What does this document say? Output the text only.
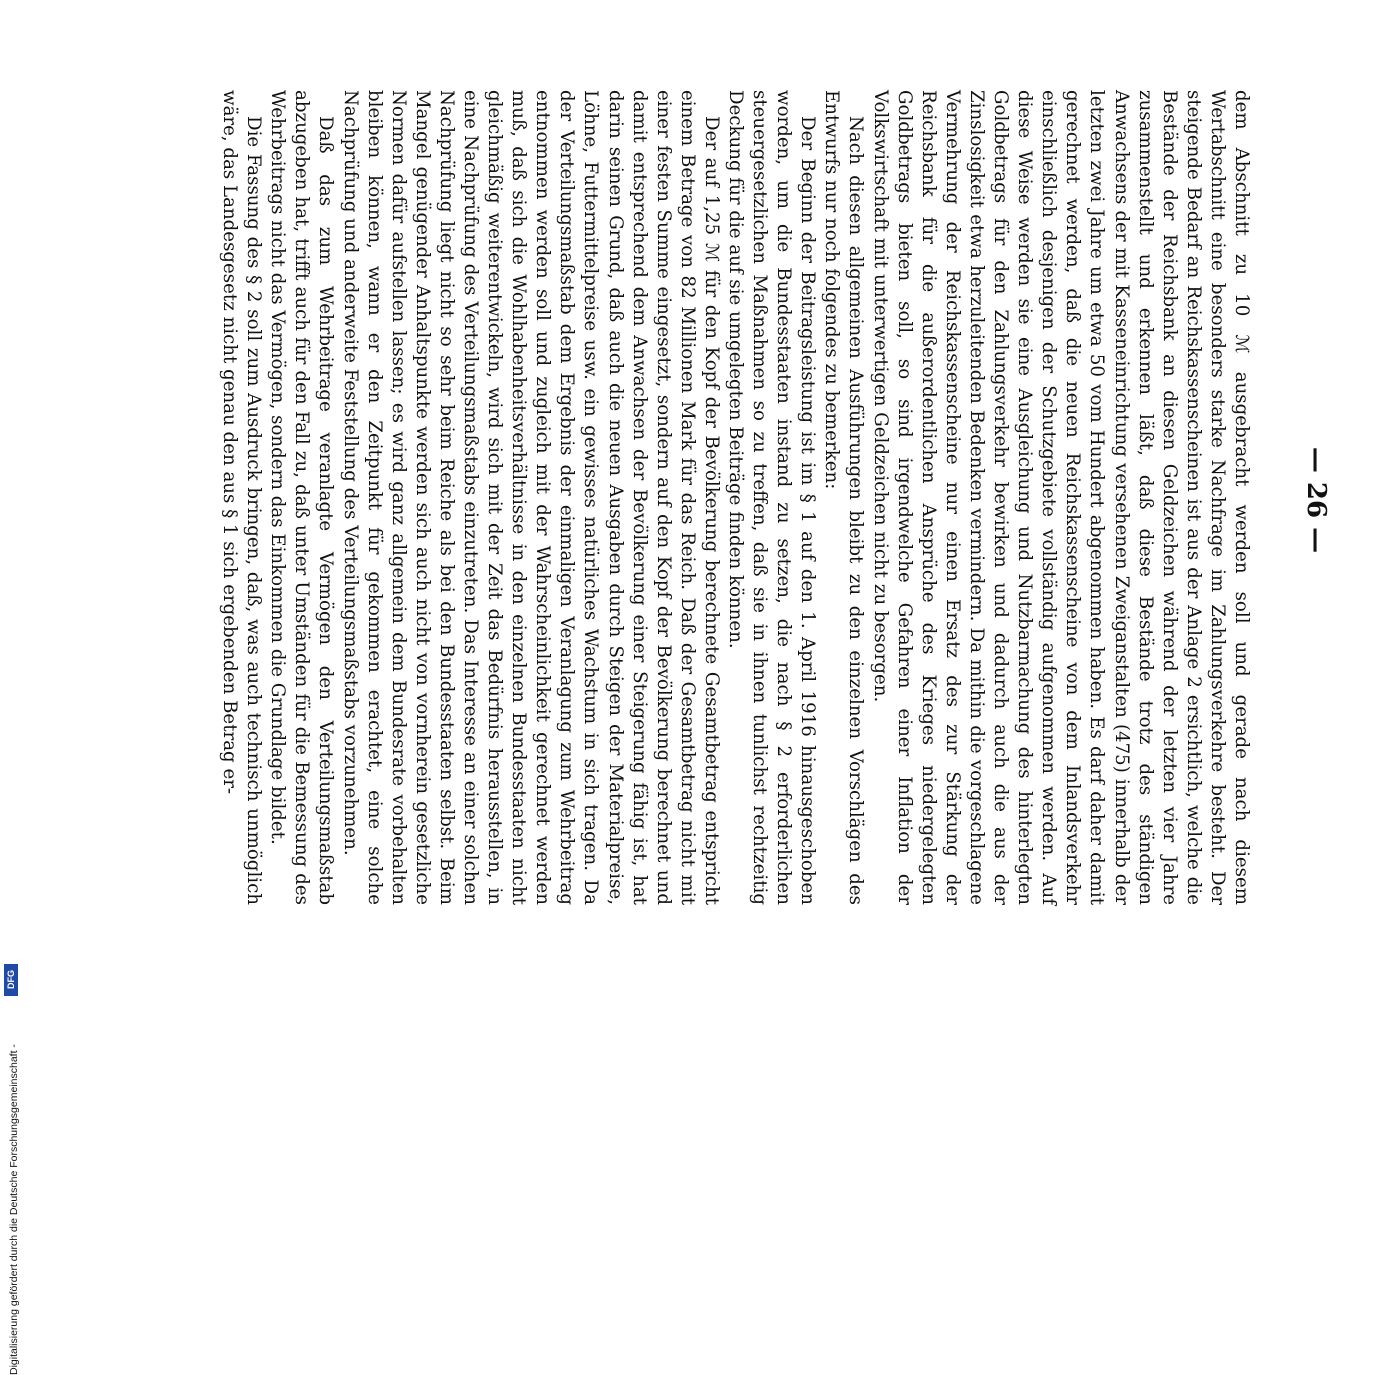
— 26 —

dem Abschnitt zu 10 ℳ ausgebracht werden soll und gerade nach diesem Wertabschnitt eine besonders starke Nachfrage im Zahlungsverkehre besteht. Der steigende Bedarf an Reichskassenscheinen ist aus der Anlage 2 ersichtlich, welche die Bestände der Reichsbank an diesen Geldzeichen während der letzten vier Jahre zusammenstellt und erkennen läßt, daß diese Bestände trotz des ständigen Anwachsens der mit Kasseneinrichtung versehenen Zweiganstalten (475) innerhalb der letzten zwei Jahre um etwa 50 vom Hundert abgenommen haben. Es darf daher damit gerechnet werden, daß die neuen Reichskassenscheine von dem Inlandsverkehr einschließlich desjenigen der Schutzgebiete vollständig aufgenommen werden. Auf diese Weise werden sie eine Ausgleichung und Nutzbarmachung des hinterlegten Goldbetrags für den Zahlungsverkehr bewirken und dadurch auch die aus der Zinslosigkeit etwa herzuleitenden Bedenken vermindern. Da mithin die vorgeschlagene Vermehrung der Reichskassenscheine nur einen Ersatz des zur Stärkung der Reichsbank für die außerordentlichen Ansprüche des Krieges niedergelegten Goldbetrags bieten soll, so sind irgendwelche Gefahren einer Inflation der Volkswirtschaft mit unterwertigen Geldzeichen nicht zu besorgen.

Nach diesen allgemeinen Ausführungen bleibt zu den einzelnen Vorschlägen des Entwurfs nur noch folgendes zu bemerken:

Der Beginn der Beitragsleistung ist im § 1 auf den 1. April 1916 hinausgeschoben worden, um die Bundesstaaten instand zu setzen, die nach § 2 erforderlichen steuergesetzlichen Maßnahmen so zu treffen, daß sie in ihnen tunlichst rechtzeitig Deckung für die auf sie umgelegten Beiträge finden können.

Der auf 1,25 ℳ für den Kopf der Bevölkerung berechnete Gesamtbetrag entspricht einem Betrage von 82 Millionen Mark für das Reich. Daß der Gesamtbetrag nicht mit einer festen Summe eingesetzt, sondern auf den Kopf der Bevölkerung berechnet und damit entsprechend dem Anwachsen der Bevölkerung einer Steigerung fähig ist, hat darin seinen Grund, daß auch die neuen Ausgaben durch Steigen der Materialpreise, Löhne, Futtermittelpreise usw. ein gewisses natürliches Wachstum in sich tragen. Da der Verteilungsmaßstab dem Ergebnis der einmaligen Veranlagung zum Wehrbeitrag entnommen werden soll und zugleich mit der Wahrscheinlichkeit gerechnet werden muß, daß sich die Wohlhabenheitsverhältnisse in den einzelnen Bundesstaaten nicht gleichmäßig weiterentwickeln, wird sich mit der Zeit das Bedürfnis herausstellen, in eine Nachprüfung des Verteilungsmaßstabs einzutreten. Das Interesse an einer solchen Nachprüfung liegt nicht so sehr beim Reiche als bei den Bundesstaaten selbst. Beim Mangel genügender Anhaltspunkte werden sich auch nicht von vornherein gesetzliche Normen dafür aufstellen lassen; es wird ganz allgemein dem Bundesrate vorbehalten bleiben können, wann er den Zeitpunkt für gekommen erachtet, eine solche Nachprüfung und anderweite Feststellung des Verteilungsmaßstabs vorzunehmen.

Daß das zum Wehrbeitrage veranlagte Vermögen den Verteilungsmaßstab abzugeben hat, trifft auch für den Fall zu, daß unter Umständen für die Bemessung des Wehrbeitrags nicht das Vermögen, sondern das Einkommen die Grundlage bildet.

Die Fassung des § 2 soll zum Ausdruck bringen, daß, was auch technisch unmöglich wäre, das Landesgesetz nicht genau den aus § 1 sich ergebenden Betrag er-

Digitalisierung gefördert durch die Deutsche Forschungsgemeinschaft -
DFG
